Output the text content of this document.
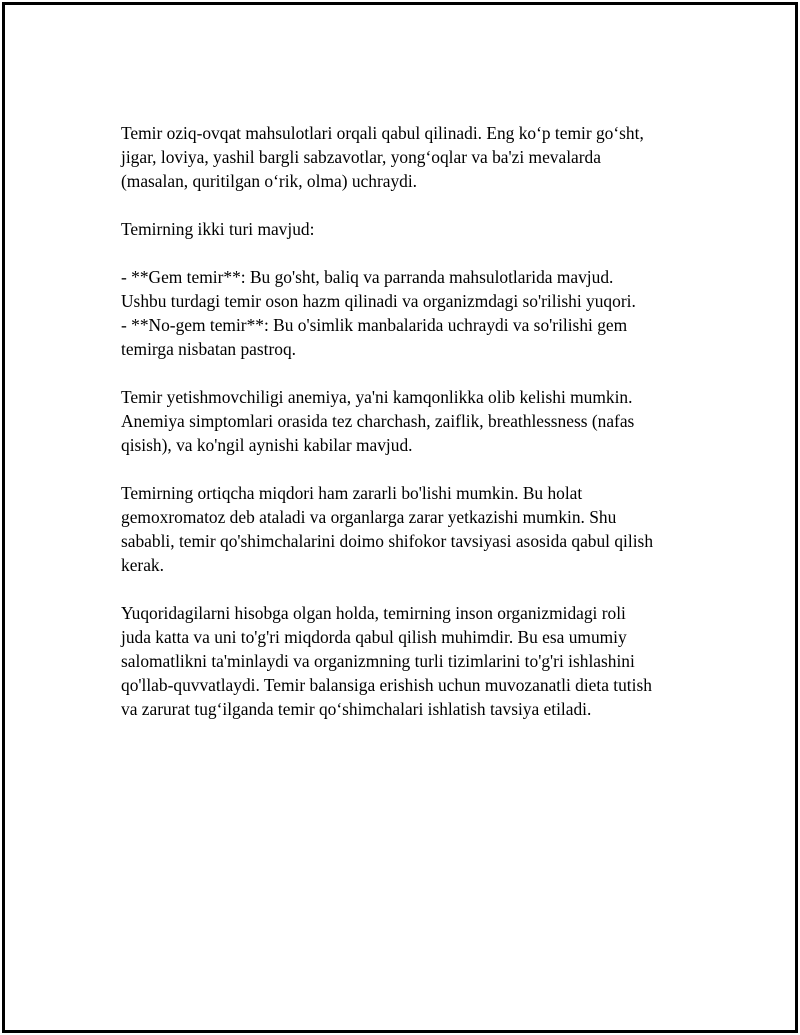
Temir oziq-ovqat mahsulotlari orqali qabul qilinadi. Eng ko‘p temir go‘sht,
jigar, loviya, yashil bargli sabzavotlar, yong‘oqlar va ba'zi mevalarda
(masalan, quritilgan o‘rik, olma) uchraydi.

Temirning ikki turi mavjud:

- **Gem temir**: Bu go'sht, baliq va parranda mahsulotlarida mavjud.
Ushbu turdagi temir oson hazm qilinadi va organizmdagi so'rilishi yuqori.

- **No-gem temir**: Bu o'simlik manbalarida uchraydi va so'rilishi gem
temirga nisbatan pastroq.

Temir yetishmovchiligi anemiya, ya'ni kamqonlikka olib kelishi mumkin.
Anemiya simptomlari orasida tez charchash, zaiflik, breathlessness (nafas
qisish), va ko'ngil aynishi kabilar mavjud.

Temirning ortiqcha miqdori ham zararli bo'lishi mumkin. Bu holat
gemoxromatoz deb ataladi va organlarga zarar yetkazishi mumkin. Shu
sababli, temir qo'shimchalarini doimo shifokor tavsiyasi asosida qabul qilish
kerak.

Yuqoridagilarni hisobga olgan holda, temirning inson organizmidagi roli
juda katta va uni to'g'ri miqdorda qabul qilish muhimdir. Bu esa umumiy
salomatlikni ta'minlaydi va organizmning turli tizimlarini to'g'ri ishlashini
qo'llab-quvvatlaydi. Temir balansiga erishish uchun muvozanatli dieta tutish
va zarurat tug‘ilganda temir qo‘shimchalari ishlatish tavsiya etiladi.
